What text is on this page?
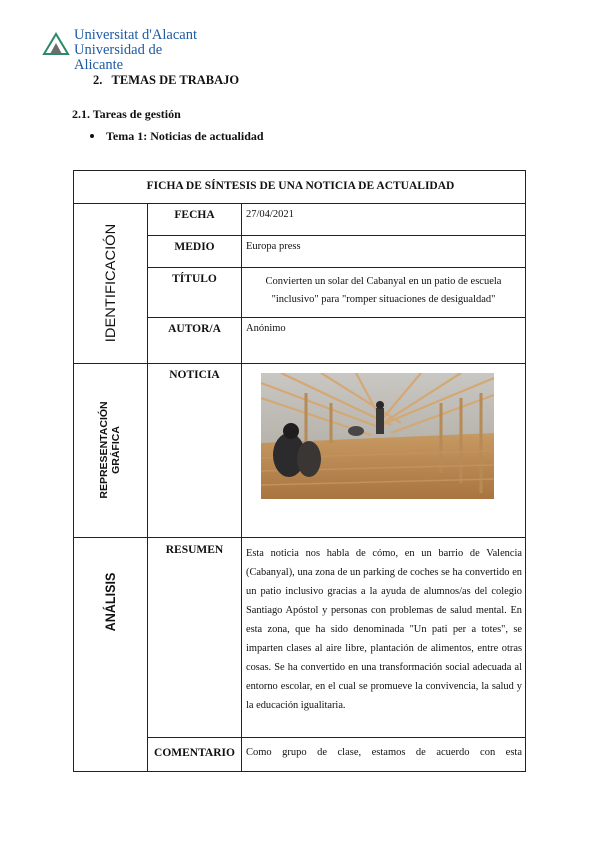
Universitat d'Alacant
Universidad de Alicante
2. TEMAS DE TRABAJO
2.1. Tareas de gestión
Tema 1: Noticias de actualidad
FICHA DE SÍNTESIS DE UNA NOTICIA DE ACTUALIDAD
IDENTIFICACIÓN
REPRESENTACIÓN GRÁFICA
ANÁLISIS
FECHA
MEDIO
TÍTULO
AUTOR/A
NOTICIA
RESUMEN
COMENTARIO
27/04/2021
Europa press
Convierten un solar del Cabanyal en un patio de escuela
"inclusivo" para "romper situaciones de desigualdad"
Anónimo
Esta noticia nos habla de cómo, en un barrio de Valencia (Cabanyal), una zona de un parking de coches se ha convertido en un patio inclusivo gracias a la ayuda de alumnos/as del colegio Santiago Apóstol y personas con problemas de salud mental. En esta zona, que ha sido denominada "Un pati per a totes", se imparten clases al aire libre, plantación de alimentos, entre otras cosas. Se ha convertido en una transformación social adecuada al entorno escolar, en el cual se promueve la convivencia, la salud y la educación igualitaria.
Como grupo de clase, estamos de acuerdo con esta
